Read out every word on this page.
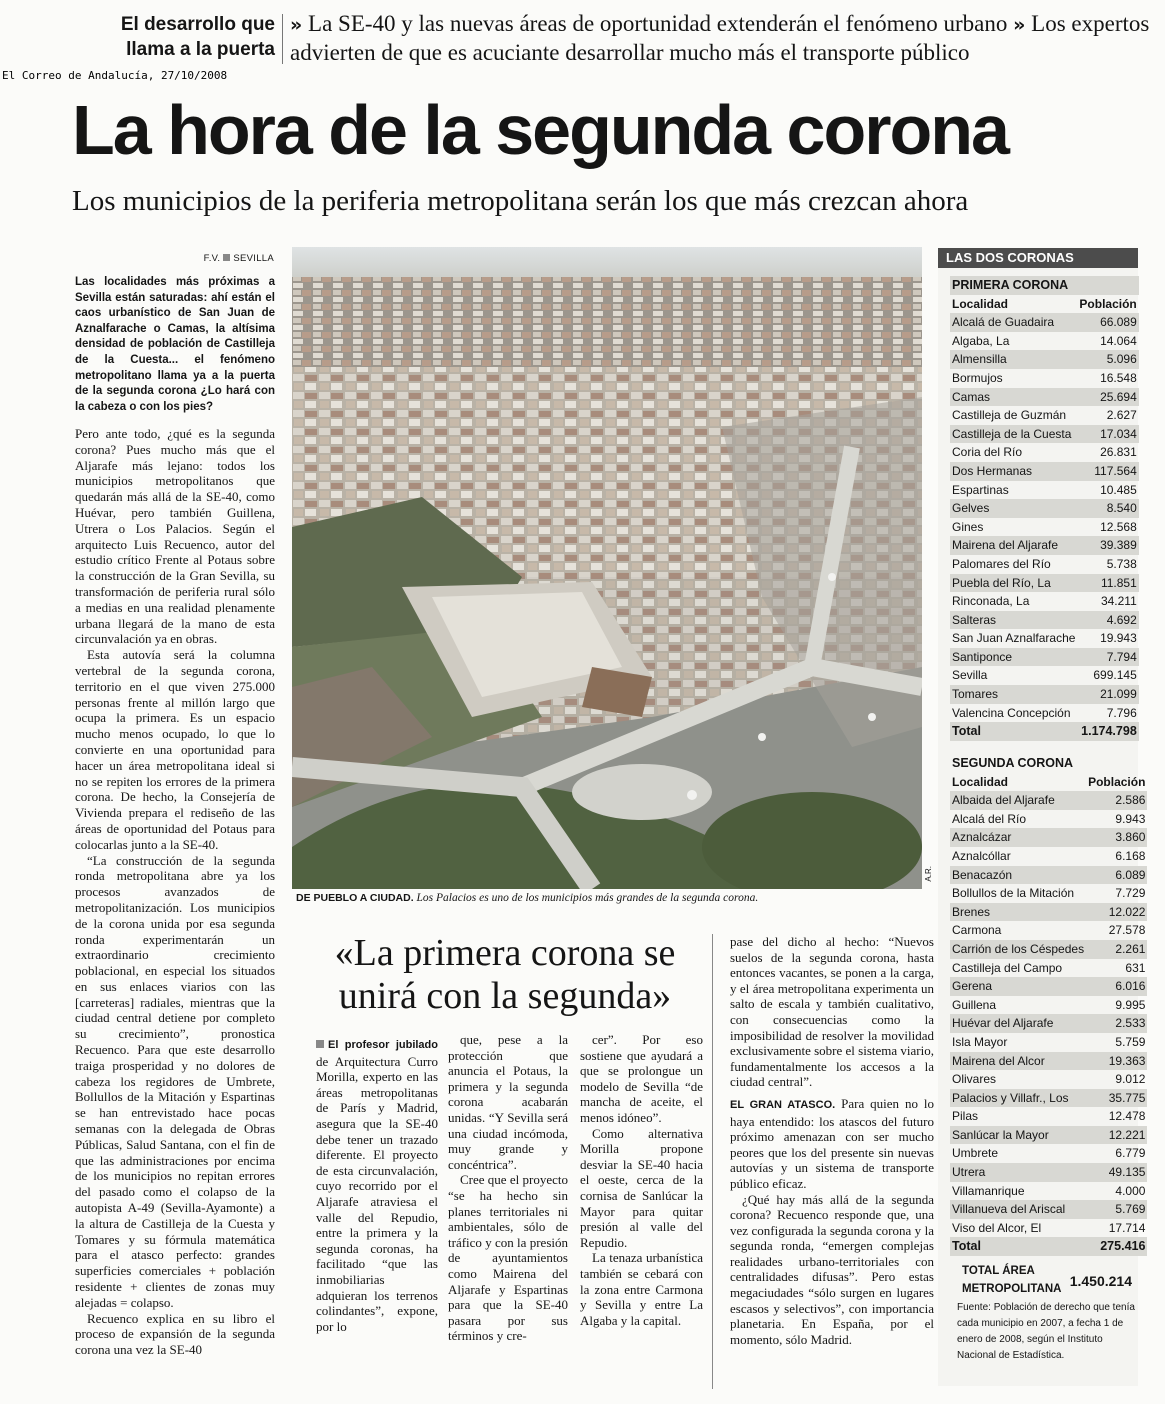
El desarrollo que llama a la puerta
» La SE-40 y las nuevas áreas de oportunidad extenderán el fenómeno urbano » Los expertos advierten de que es acuciante desarrollar mucho más el transporte público
El Correo de Andalucía, 27/10/2008
La hora de la segunda corona
Los municipios de la periferia metropolitana serán los que más crezcan ahora
F.V. SEVILLA

Las localidades más próximas a Sevilla están saturadas: ahí están el caos urbanístico de San Juan de Aznalfarache o Camas, la altísima densidad de población de Castilleja de la Cuesta... el fenómeno metropolitano llama ya a la puerta de la segunda corona ¿Lo hará con la cabeza o con los pies?

Pero ante todo, ¿qué es la segunda corona? Pues mucho más que el Aljarafe más lejano: todos los municipios metropolitanos que quedarán más allá de la SE-40, como Huévar, pero también Guillena, Utrera o Los Palacios. Según el arquitecto Luis Recuenco, autor del estudio crítico Frente al Potaus sobre la construcción de la Gran Sevilla, su transformación de periferia rural sólo a medias en una realidad plenamente urbana llegará de la mano de esta circunvalación ya en obras.

Esta autovía será la columna vertebral de la segunda corona, territorio en el que viven 275.000 personas frente al millón largo que ocupa la primera. Es un espacio mucho menos ocupado, lo que lo convierte en una oportunidad para hacer un área metropolitana ideal si no se repiten los errores de la primera corona. De hecho, la Consejería de Vivienda prepara el rediseño de las áreas de oportunidad del Potaus para colocarlas junto a la SE-40.

“La construcción de la segunda ronda metropolitana abre ya los procesos avanzados de metropolitanización. Los municipios de la corona unida por esa segunda ronda experimentarán un extraordinario crecimiento poblacional, en especial los situados en sus enlaces viarios con las [carreteras] radiales, mientras que la ciudad central detiene por completo su crecimiento”, pronostica Recuenco. Para que este desarrollo traiga prosperidad y no dolores de cabeza los regidores de Umbrete, Bollullos de la Mitación y Espartinas se han entrevistado hace pocas semanas con la delegada de Obras Públicas, Salud Santana, con el fin de que las administraciones por encima de los municipios no repitan errores del pasado como el colapso de la autopista A-49 (Sevilla-Ayamonte) a la altura de Castilleja de la Cuesta y Tomares y su fórmula matemática para el atasco perfecto: grandes superficies comerciales + población residente + clientes de zonas muy alejadas = colapso.

Recuenco explica en su libro el proceso de expansión de la segunda corona una vez la SE-40

A.R.
DE PUEBLO A CIUDAD. Los Palacios es uno de los municipios más grandes de la segunda corona.
«La primera corona se unirá con la segunda»

El profesor jubilado de Arquitectura Curro Morilla, experto en las áreas metropolitanas de París y Madrid, asegura que la SE-40 debe tener un trazado diferente. El proyecto de esta circunvalación, cuyo recorrido por el Aljarafe atraviesa el valle del Repudio, entre la primera y la segunda coronas, ha facilitado “que las inmobiliarias adquieran los terrenos colindantes”, expone, por lo

que, pese a la protección que anuncia el Potaus, la primera y la segunda corona acabarán unidas. “Y Sevilla será una ciudad incómoda, muy grande y concéntrica”.

Cree que el proyecto “se ha hecho sin planes territoriales ni ambientales, sólo de tráfico y con la presión de ayuntamientos como Mairena del Aljarafe y Espartinas para que la SE-40 pasara por sus términos y cre-

cer”. Por eso sostiene que ayudará a que se prolongue un modelo de Sevilla “de mancha de aceite, el menos idóneo”.

Como alternativa Morilla propone desviar la SE-40 hacia el oeste, cerca de la cornisa de Sanlúcar la Mayor para quitar presión al valle del Repudio.

La tenaza urbanística también se cebará con la zona entre Carmona y Sevilla y entre La Algaba y la capital.

pase del dicho al hecho: “Nuevos suelos de la segunda corona, hasta entonces vacantes, se ponen a la carga, y el área metropolitana experimenta un salto de escala y también cualitativo, con consecuencias como la imposibilidad de resolver la movilidad exclusivamente sobre el sistema viario, fundamentalmente los accesos a la ciudad central”.

EL GRAN ATASCO. Para quien no lo haya entendido: los atascos del futuro próximo amenazan con ser mucho peores que los del presente sin nuevas autovías y un sistema de transporte público eficaz.

¿Qué hay más allá de la segunda corona? Recuenco responde que, una vez configurada la segunda corona y la segunda ronda, “emergen complejas realidades urbano-territoriales con centralidades difusas”. Pero estas megaciudades “sólo surgen en lugares escasos y selectivos”, con importancia planetaria. En España, por el momento, sólo Madrid.

LAS DOS CORONAS
PRIMERA CORONA	
Localidad	Población
Alcalá de Guadaira	66.089
Algaba, La	14.064
Almensilla	5.096
Bormujos	16.548
Camas	25.694
Castilleja de Guzmán	2.627
Castilleja de la Cuesta	17.034
Coria del Río	26.831
Dos Hermanas	117.564
Espartinas	10.485
Gelves	8.540
Gines	12.568
Mairena del Aljarafe	39.389
Palomares del Río	5.738
Puebla del Río, La	11.851
Rinconada, La	34.211
Salteras	4.692
San Juan Aznalfarache	19.943
Santiponce	7.794
Sevilla	699.145
Tomares	21.099
Valencina Concepción	7.796
Total	1.174.798
SEGUNDA CORONA	
Localidad	Población
Albaida del Aljarafe	2.586
Alcalá del Río	9.943
Aznalcázar	3.860
Aznalcóllar	6.168
Benacazón	6.089
Bollullos de la Mitación	7.729
Brenes	12.022
Carmona	27.578
Carrión de los Céspedes	2.261
Castilleja del Campo	631
Gerena	6.016
Guillena	9.995
Huévar del Aljarafe	2.533
Isla Mayor	5.759
Mairena del Alcor	19.363
Olivares	9.012
Palacios y Villafr., Los	35.775
Pilas	12.478
Sanlúcar la Mayor	12.221
Umbrete	6.779
Utrera	49.135
Villamanrique	4.000
Villanueva del Ariscal	5.769
Viso del Alcor, El	17.714
Total	275.416
TOTAL ÁREA
METROPOLITANA 1.450.214
Fuente: Población de derecho que tenía cada municipio en 2007, a fecha 1 de enero de 2008, según el Instituto Nacional de Estadística.
